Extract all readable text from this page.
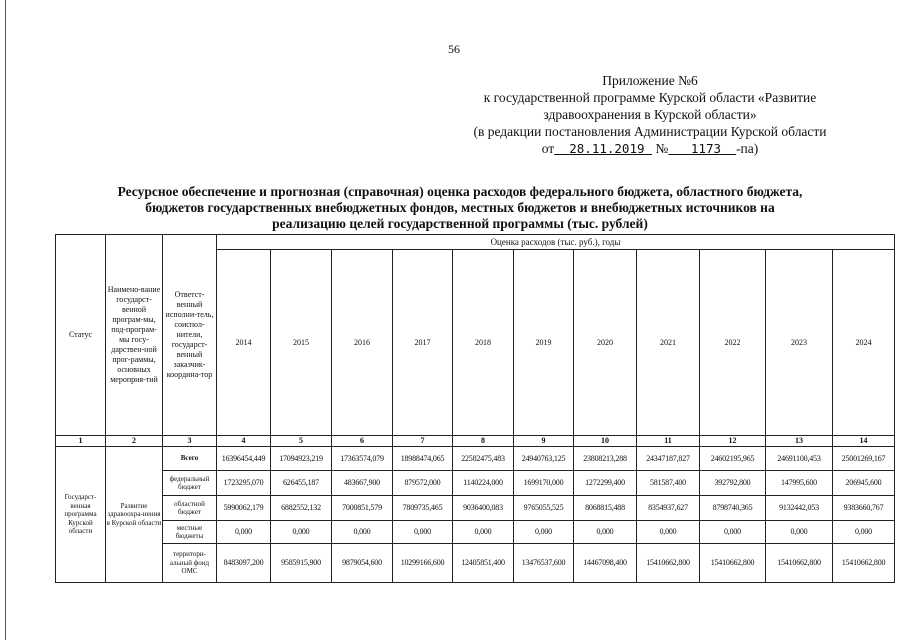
56
Приложение №6
к государственной программе Курской области «Развитие
здравоохранения в Курской области»
(в редакции постановления Администрации Курской области
от 28.11.2019 № 1173 -па)
Ресурсное обеспечение и прогнозная (справочная) оценка расходов федерального бюджета, областного бюджета,
бюджетов государственных внебюджетных фондов, местных бюджетов и внебюджетных источников на
реализацию целей государственной программы (тыс. рублей)
Статус	Наимено-вание государст-венной програм-мы, под-програм-мы госу-дарствен-ной прог-раммы, основных мероприя-тий	Ответст-венный исполни-тель, соиспол-нители, государст-венный заказчик-координа-тор	Оценка расходов (тыс. руб.), годы										
			2014	2015	2016	2017	2018	2019	2020	2021	2022	2023	2024
1	2	3	4	5	6	7	8	9	10	11	12	13	14
Государст-венная программа Курской области	Развитие здравоохра-нения в Курской области	Всего	16396454,449	17094923,219	17363574,079	18988474,065	22582475,483	24940763,125	23808213,288	24347187,827	24602195,965	24691100,453	25001269,167
		федеральный бюджет	1723295,070	626455,187	483667,900	879572,000	1140224,000	1699170,000	1272299,400	581587,400	392792,800	147995,600	206945,600
		областной бюджет	5990062,179	6882552,132	7000851,579	7809735,465	9036400,083	9765055,525	8068815,488	8354937,627	8798740,365	9132442,053	9383660,767
		местные бюджеты	0,000	0,000	0,000	0,000	0,000	0,000	0,000	0,000	0,000	0,000	0,000
		территори-альный фонд ОМС	8483097,200	9585915,900	9879054,600	10299166,600	12405851,400	13476537,600	14467098,400	15410662,800	15410662,800	15410662,800	15410662,800
